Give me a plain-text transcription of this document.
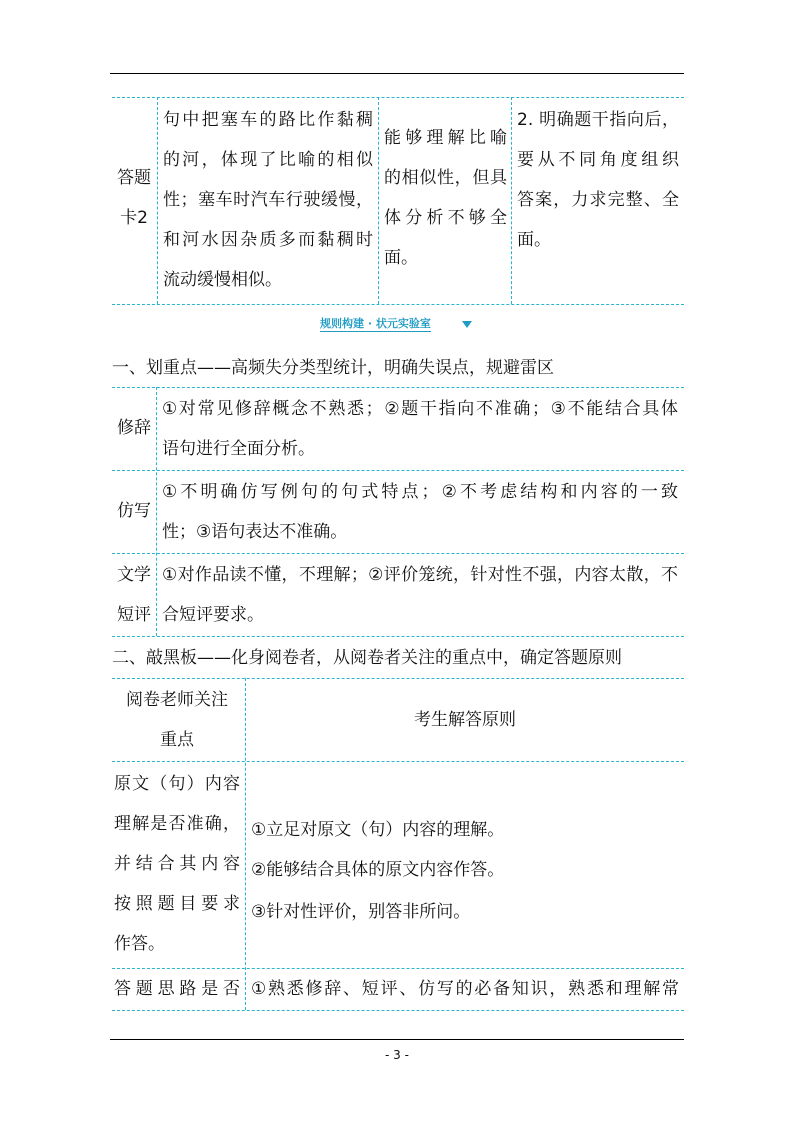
答题
卡2
句中把塞车的路比作黏稠
的河，体现了比喻的相似
性；塞车时汽车行驶缓慢，
和河水因杂质多而黏稠时
流动缓慢相似。
能够理解比喻
的相似性，但具
体分析不够全
面。
2. 明确题干指向后，
要从不同角度组织
答案，力求完整、全
面。
规则构建 · 状元实验室
一、划重点——高频失分类型统计，明确失误点，规避雷区
修辞
①对常见修辞概念不熟悉；②题干指向不准确；③不能结合具体
语句进行全面分析。
仿写
①不明确仿写例句的句式特点；②不考虑结构和内容的一致
性；③语句表达不准确。
文学
短评
①对作品读不懂，不理解；②评价笼统，针对性不强，内容太散，不
合短评要求。
二、敲黑板——化身阅卷者，从阅卷者关注的重点中，确定答题原则
阅卷老师关注
重点
考生解答原则
原文（句）内容
理解是否准确，
并结合其内容
按照题目要求
作答。
①立足对原文（句）内容的理解。
②能够结合具体的原文内容作答。
③针对性评价，别答非所问。
答题思路是否 ①熟悉修辞、短评、仿写的必备知识，熟悉和理解常
- 3 -
